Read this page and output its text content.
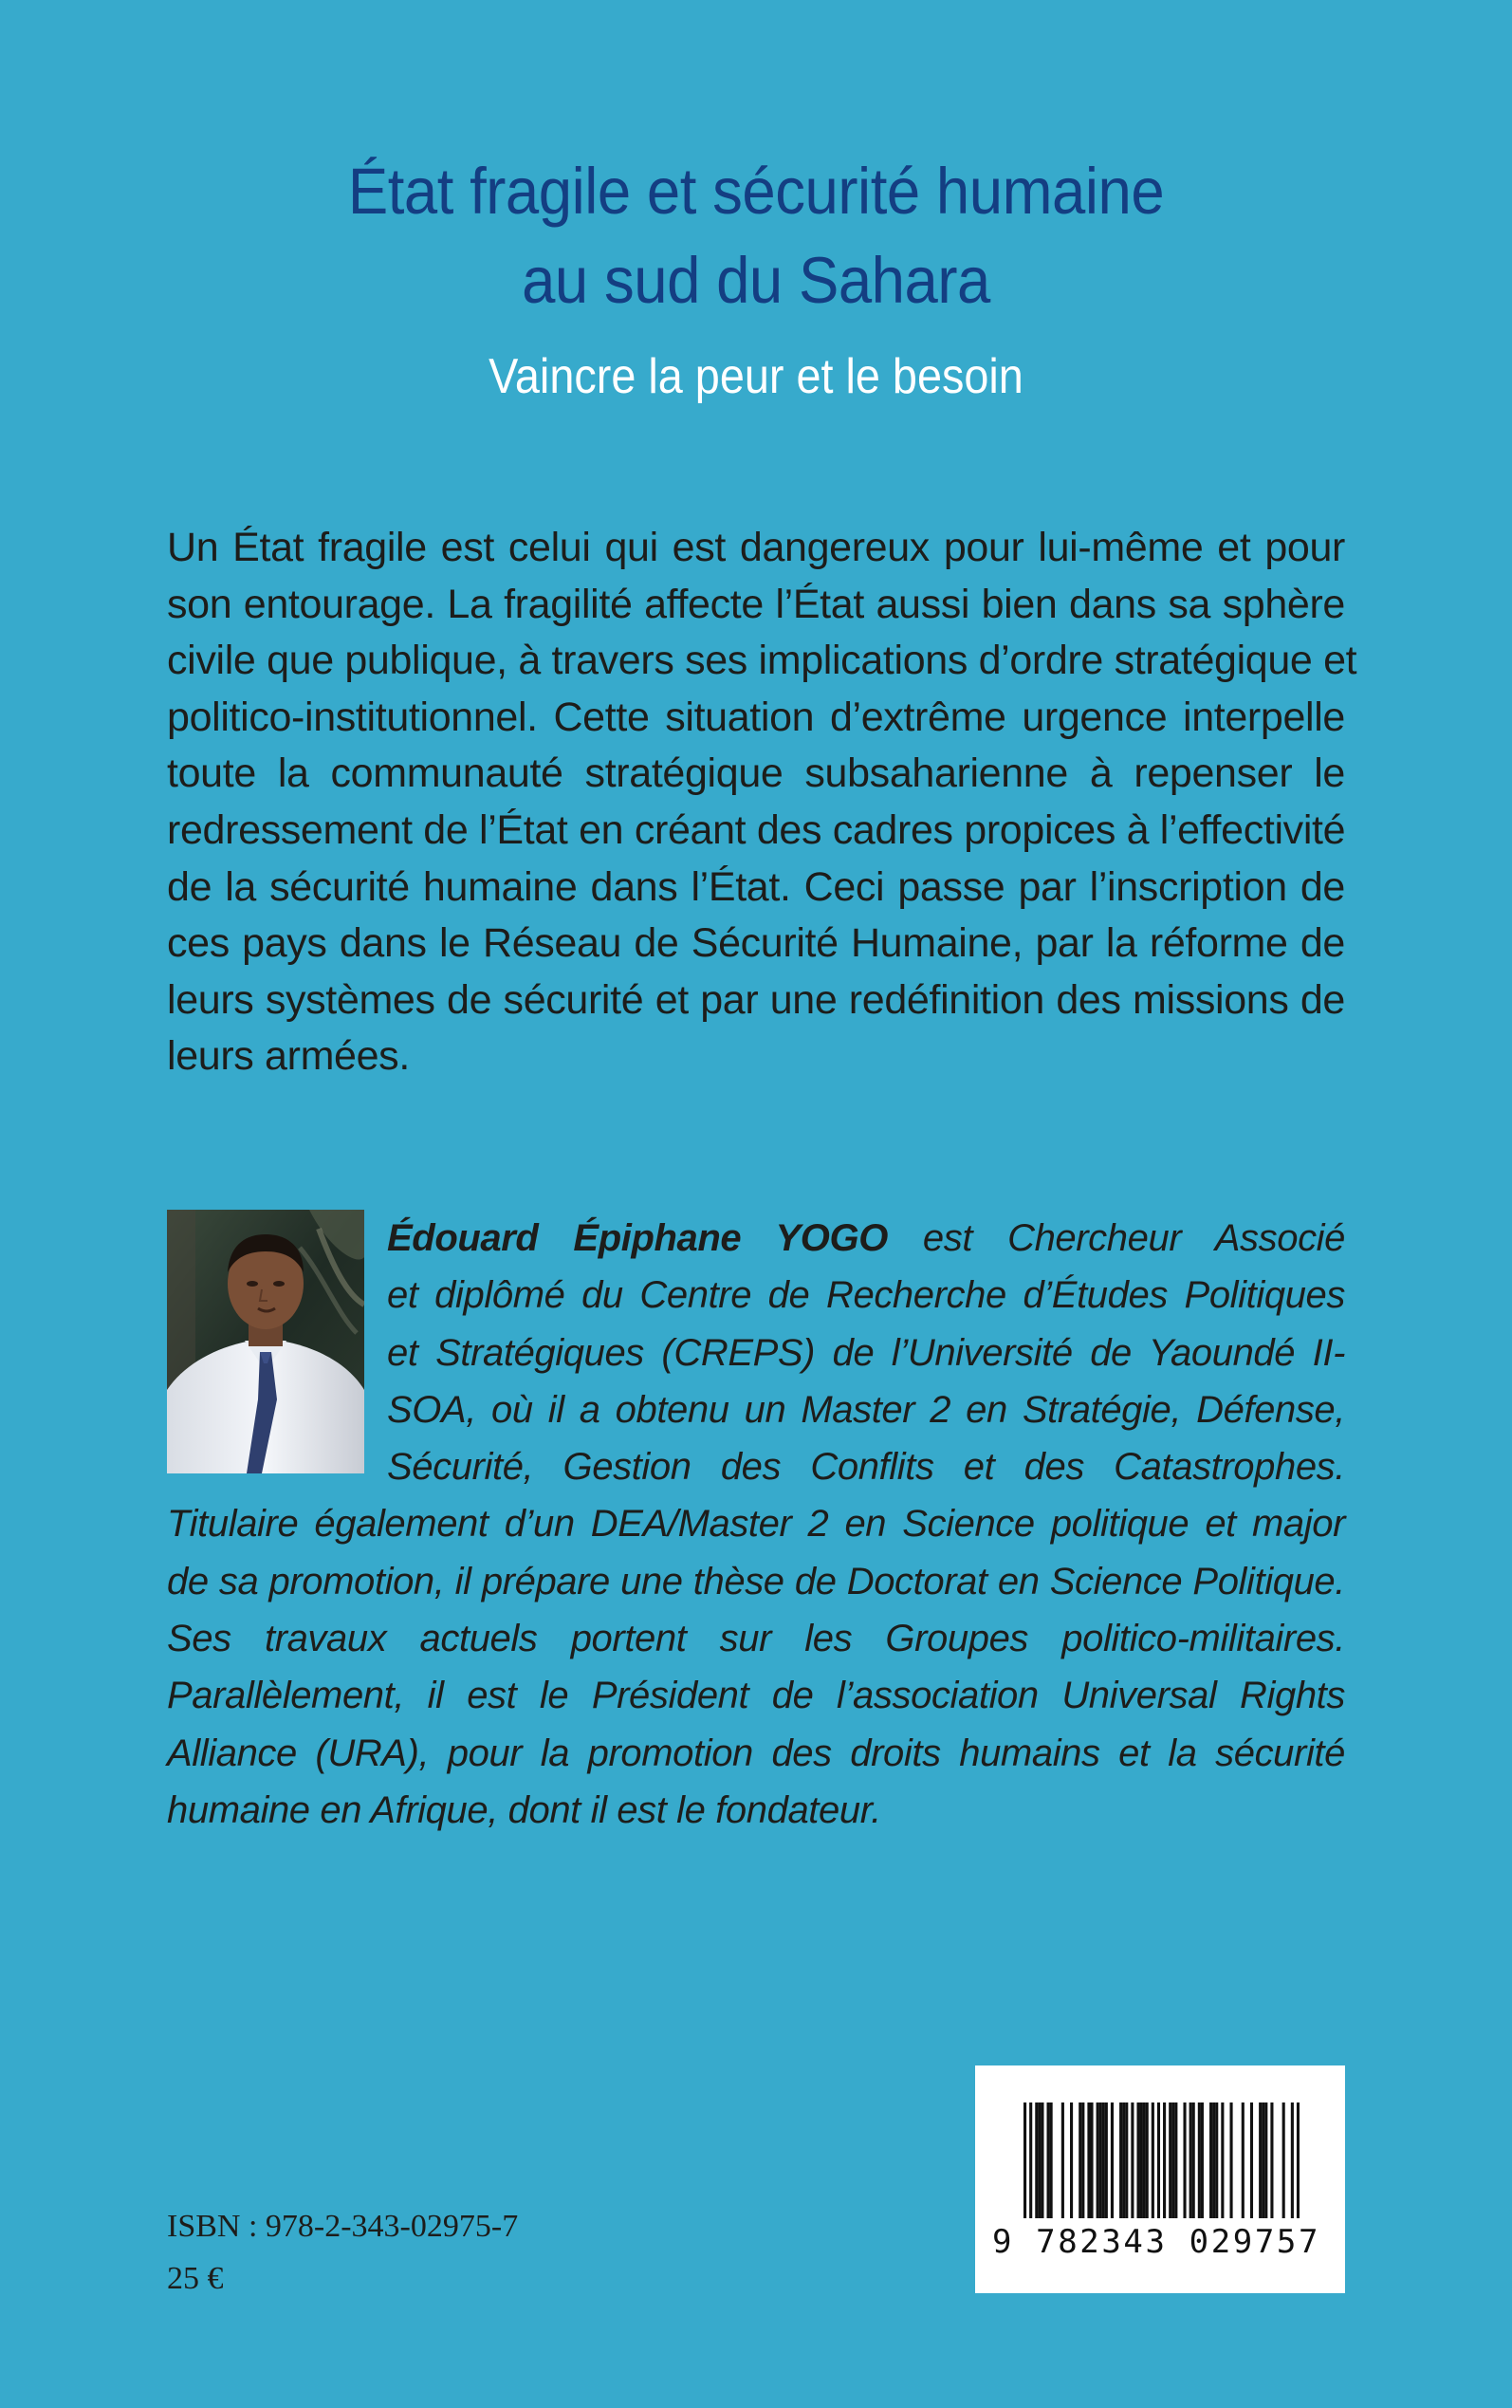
État fragile et sécurité humaine
au sud du Sahara
Vaincre la peur et le besoin
Un État fragile est celui qui est dangereux pour lui-même et pour
son entourage. La fragilité affecte l’État aussi bien dans sa sphère
civile que publique, à travers ses implications d’ordre stratégique et
politico-institutionnel. Cette situation d’extrême urgence interpelle
toute la communauté stratégique subsaharienne à repenser le
redressement de l’État en créant des cadres propices à l’effectivité
de la sécurité humaine dans l’État. Ceci passe par l’inscription de
ces pays dans le Réseau de Sécurité Humaine, par la réforme de
leurs systèmes de sécurité et par une redéfinition des missions de
leurs armées.
Édouard Épiphane YOGO est Chercheur Associé
et diplômé du Centre de Recherche d’Études Politiques
et Stratégiques (CREPS) de l’Université de Yaoundé II-
SOA, où il a obtenu un Master 2 en Stratégie, Défense,
Sécurité, Gestion des Conflits et des Catastrophes.
Titulaire également d’un DEA/Master 2 en Science politique et major
de sa promotion, il prépare une thèse de Doctorat en Science Politique.
Ses travaux actuels portent sur les Groupes politico-militaires.
Parallèlement, il est le Président de l’association Universal Rights
Alliance (URA), pour la promotion des droits humains et la sécurité
humaine en Afrique, dont il est le fondateur.
ISBN : 978-2-343-02975-7
25 €
9 782343 029757
